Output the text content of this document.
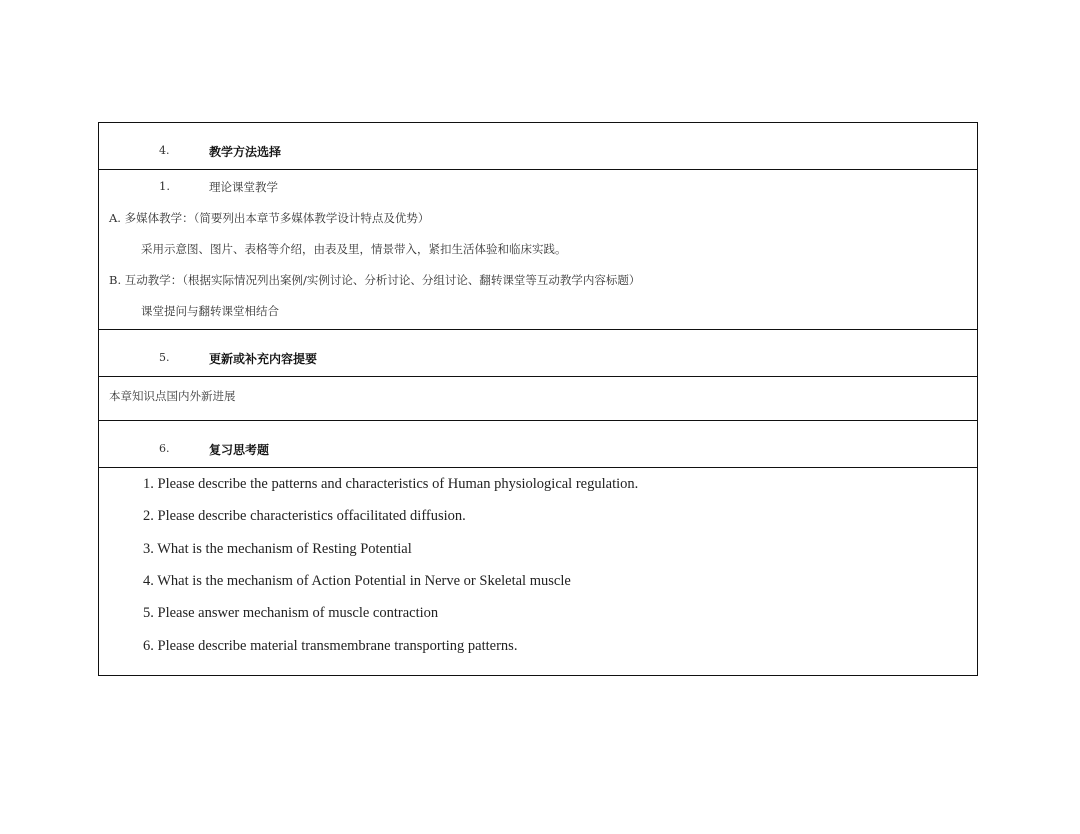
4.	教学方法选择
1.	理论课堂教学
A. 多媒体教学：（简要列出本章节多媒体教学设计特点及优势）
采用示意图、图片、表格等介绍，由表及里，情景带入，紧扣生活体验和临床实践。
B. 互动教学：（根据实际情况列出案例/实例讨论、分析讨论、分组讨论、翻转课堂等互动教学内容标题）
课堂提问与翻转课堂相结合
5.	更新或补充内容提要
本章知识点国内外新进展
6.	复习思考题
1. Please describe the patterns and characteristics of Human physiological regulation.
2. Please describe characteristics offacilitated diffusion.
3. What is the mechanism of Resting Potential
4. What is the mechanism of Action Potential in Nerve or Skeletal muscle
5. Please answer mechanism of muscle contraction
6. Please describe material transmembrane transporting patterns.
